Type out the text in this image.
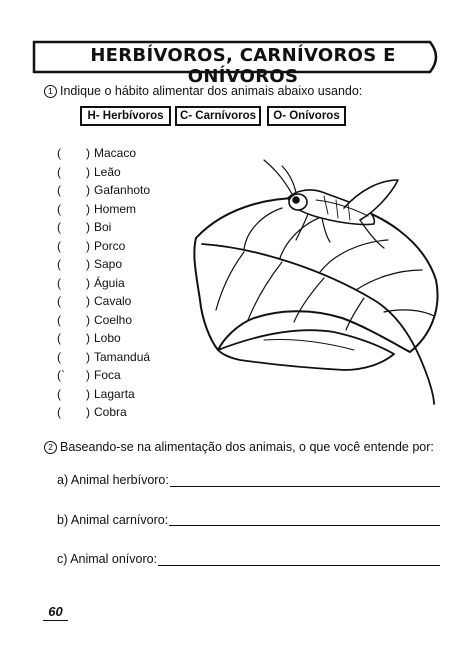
HERBÍVOROS, CARNÍVOROS E ONÍVOROS
1 Indique o hábito alimentar dos animais abaixo usando:
H- Herbívoros	C- Carnívoros	O- Onívoros
( ) Macaco
( ) Leão
( ) Gafanhoto
( ) Homem
( ) Boi
( ) Porco
( ) Sapo
( ) Águia
( ) Cavalo
( ) Coelho
( ) Lobo
( ) Tamanduá
(` ) Foca
( ) Lagarta
( ) Cobra
2 Baseando-se na alimentação dos animais, o que você entende por:
a) Animal herbívoro:
b) Animal carnívoro:
c) Animal onívoro:
60
